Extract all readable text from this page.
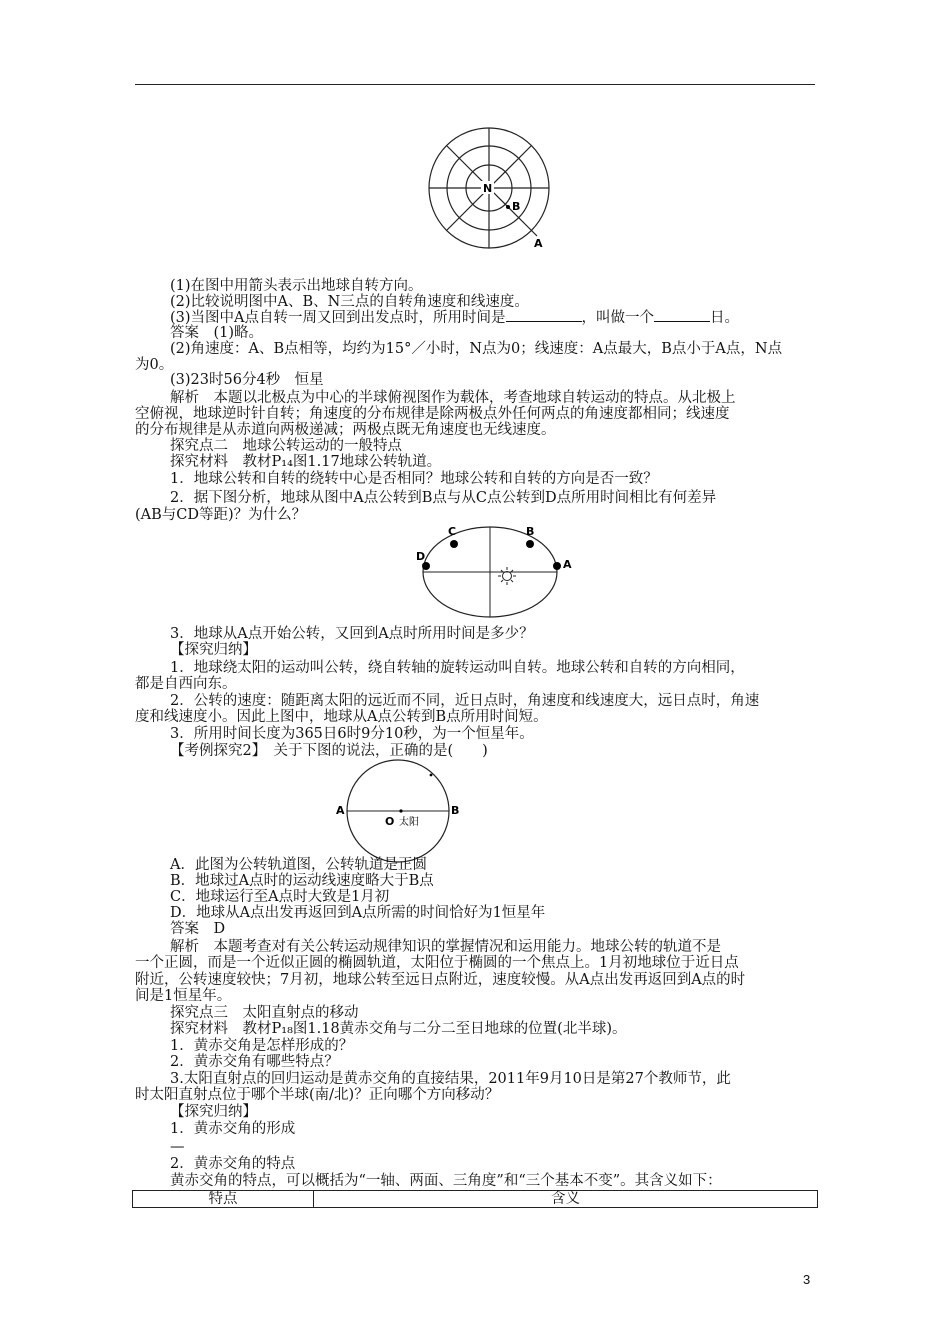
N
B
A
(1)在图中用箭头表示出地球自转方向。
(2)比较说明图中A、B、N三点的自转角速度和线速度。
(3)当图中A点自转一周又回到出发点时，所用时间是	，叫做一个	日。
答案　(1)略。
(2)角速度：A、B点相等，均约为15°／小时，N点为0；线速度：A点最大，B点小于A点，N点
为0。
(3)23时56分4秒　恒星
解析　本题以北极点为中心的半球俯视图作为载体，考查地球自转运动的特点。从北极上
空俯视，地球逆时针自转；角速度的分布规律是除两极点外任何两点的角速度都相同；线速度
的分布规律是从赤道向两极递减；两极点既无角速度也无线速度。
探究点二　地球公转运动的一般特点
探究材料　教材P₁₄图1.17地球公转轨道。
1．地球公转和自转的绕转中心是否相同？地球公转和自转的方向是否一致？
2．据下图分析，地球从图中A点公转到B点与从C点公转到D点所用时间相比有何差异
(AB与CD等距)？为什么？
C	B
D
A
3．地球从A点开始公转，又回到A点时所用时间是多少？
【探究归纳】
1．地球绕太阳的运动叫公转，绕自转轴的旋转运动叫自转。地球公转和自转的方向相同，
都是自西向东。
2．公转的速度：随距离太阳的远近而不同，近日点时，角速度和线速度大，远日点时，角速
度和线速度小。因此上图中，地球从A点公转到B点所用时间短。
3．所用时间长度为365日6时9分10秒，为一个恒星年。
【考例探究2】　关于下图的说法，正确的是(　　)
A	B
O 太阳
A．此图为公转轨道图，公转轨道是正圆
B．地球过A点时的运动线速度略大于B点
C．地球运行至A点时大致是1月初
D．地球从A点出发再返回到A点所需的时间恰好为1恒星年
答案　D
解析　本题考查对有关公转运动规律知识的掌握情况和运用能力。地球公转的轨道不是
一个正圆，而是一个近似正圆的椭圆轨道，太阳位于椭圆的一个焦点上。1月初地球位于近日点
附近，公转速度较快；7月初，地球公转至远日点附近，速度较慢。从A点出发再返回到A点的时
间是1恒星年。
探究点三　太阳直射点的移动
探究材料　教材P₁₈图1.18黄赤交角与二分二至日地球的位置(北半球)。
1．黄赤交角是怎样形成的？
2．黄赤交角有哪些特点？
3.太阳直射点的回归运动是黄赤交角的直接结果，2011年9月10日是第27个教师节，此
时太阳直射点位于哪个半球(南/北)？正向哪个方向移动？
【探究归纳】
1．黄赤交角的形成
—
2．黄赤交角的特点
黄赤交角的特点，可以概括为“一轴、两面、三角度”和“三个基本不变”。其含义如下：
特点	含义
3
